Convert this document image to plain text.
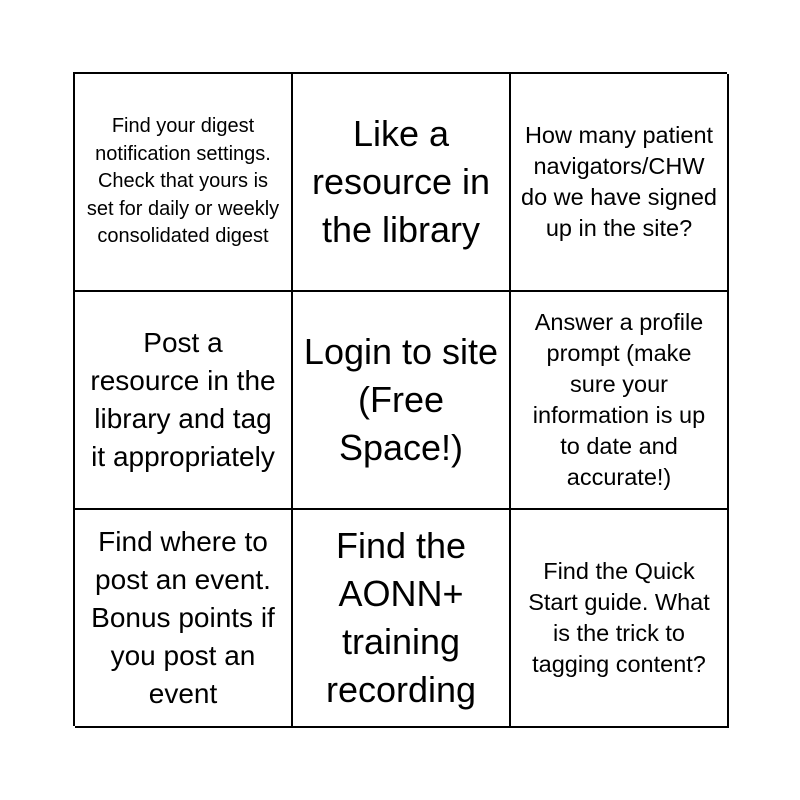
Find your digest notification settings. Check that yours is set for daily or weekly consolidated digest
Like a resource in the library
How many patient navigators/CHW do we have signed up in the site?
Post a resource in the library and tag it appropriately
Login to site (Free Space!)
Answer a profile prompt (make sure your information is up to date and accurate!)
Find where to post an event. Bonus points if you post an event
Find the AONN+ training recording
Find the Quick Start guide. What is the trick to tagging content?
